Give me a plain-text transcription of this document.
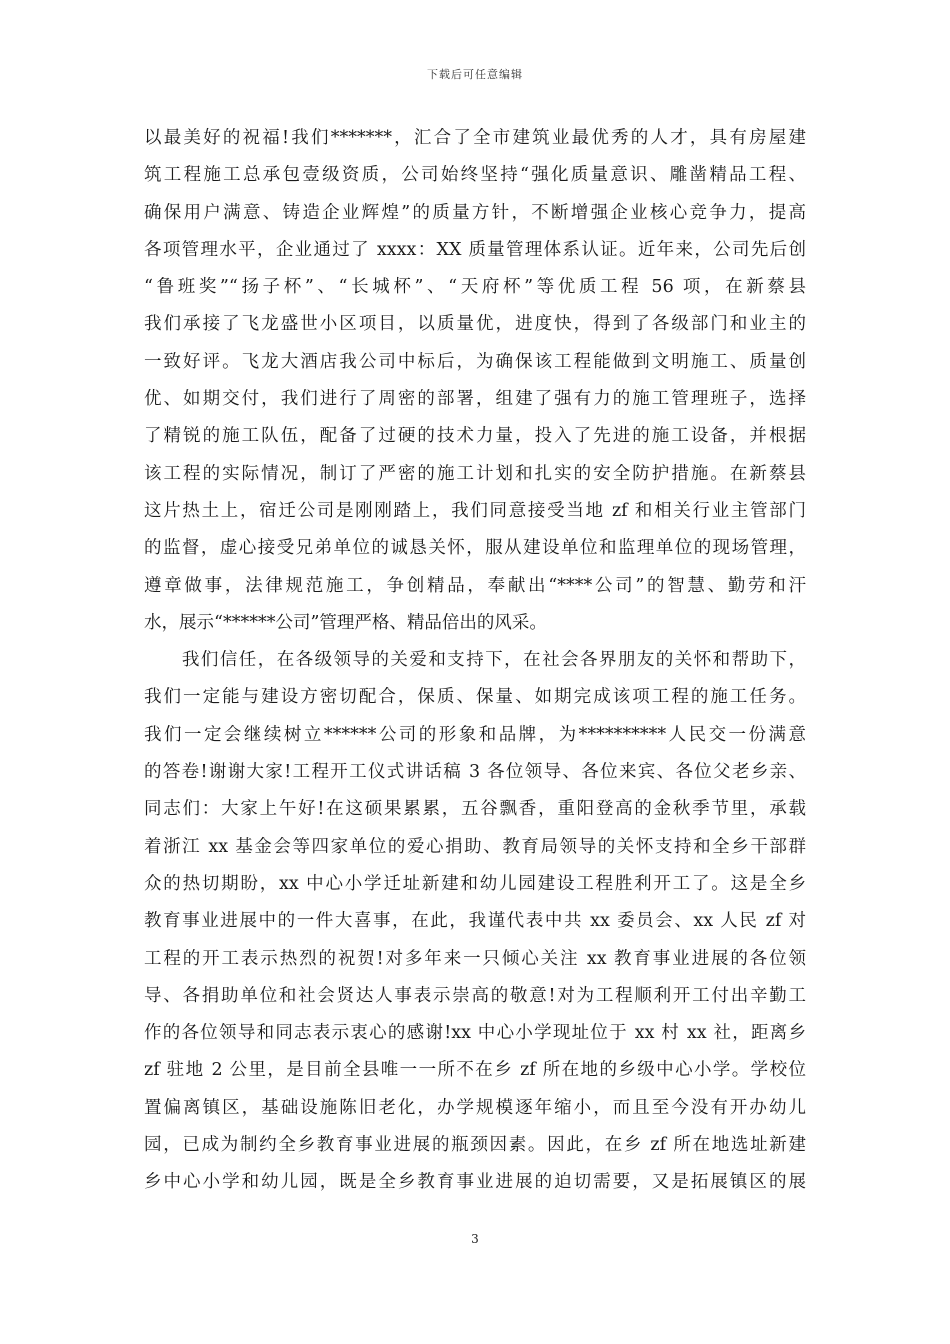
下载后可任意编辑
以最美好的祝福!我们*******，汇合了全市建筑业最优秀的人才，具有房屋建
筑工程施工总承包壹级资质，公司始终坚持“强化质量意识、雕凿精品工程、
确保用户满意、铸造企业辉煌”的质量方针，不断增强企业核心竞争力，提高
各项管理水平，企业通过了 xxxx：XX 质量管理体系认证。近年来，公司先后创
“鲁班奖”“扬子杯”、“长城杯”、“天府杯”等优质工程 56 项，在新蔡县
我们承接了飞龙盛世小区项目，以质量优，进度快，得到了各级部门和业主的
一致好评。飞龙大酒店我公司中标后，为确保该工程能做到文明施工、质量创
优、如期交付，我们进行了周密的部署，组建了强有力的施工管理班子，选择
了精锐的施工队伍，配备了过硬的技术力量，投入了先进的施工设备，并根据
该工程的实际情况，制订了严密的施工计划和扎实的安全防护措施。在新蔡县
这片热土上，宿迁公司是刚刚踏上，我们同意接受当地 zf 和相关行业主管部门
的监督，虚心接受兄弟单位的诚恳关怀，服从建设单位和监理单位的现场管理，
遵章做事，法律规范施工，争创精品，奉献出“****公司”的智慧、勤劳和汗
水，展示“******公司”管理严格、精品倍出的风采。
　　我们信任，在各级领导的关爱和支持下，在社会各界朋友的关怀和帮助下，
我们一定能与建设方密切配合，保质、保量、如期完成该项工程的施工任务。
我们一定会继续树立******公司的形象和品牌，为**********人民交一份满意
的答卷!谢谢大家!工程开工仪式讲话稿 3 各位领导、各位来宾、各位父老乡亲、
同志们：大家上午好!在这硕果累累，五谷飘香，重阳登高的金秋季节里，承载
着浙江 xx 基金会等四家单位的爱心捐助、教育局领导的关怀支持和全乡干部群
众的热切期盼，xx 中心小学迁址新建和幼儿园建设工程胜利开工了。这是全乡
教育事业进展中的一件大喜事，在此，我谨代表中共 xx 委员会、xx 人民 zf 对
工程的开工表示热烈的祝贺!对多年来一只倾心关注 xx 教育事业进展的各位领
导、各捐助单位和社会贤达人事表示崇高的敬意!对为工程顺利开工付出辛勤工
作的各位领导和同志表示衷心的感谢!xx 中心小学现址位于 xx 村 xx 社，距离乡
zf 驻地 2 公里，是目前全县唯一一所不在乡 zf 所在地的乡级中心小学。学校位
置偏离镇区，基础设施陈旧老化，办学规模逐年缩小，而且至今没有开办幼儿
园，已成为制约全乡教育事业进展的瓶颈因素。因此，在乡 zf 所在地选址新建
乡中心小学和幼儿园，既是全乡教育事业进展的迫切需要，又是拓展镇区的展
3
